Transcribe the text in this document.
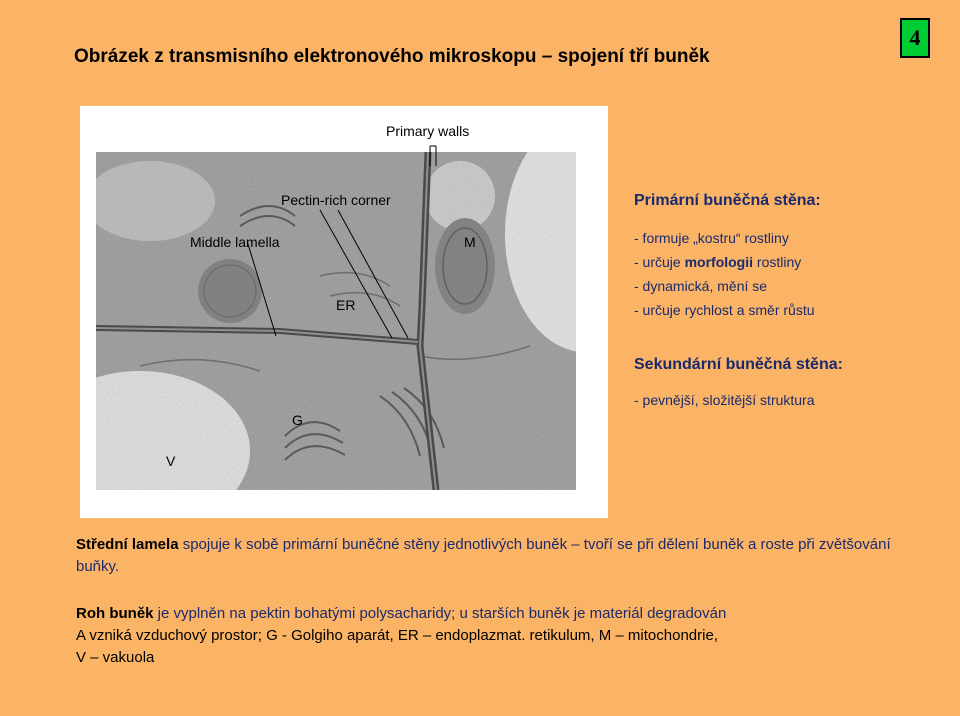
Obrázek z transmisního elektronového mikroskopu – spojení tří buněk
4
Primary walls
Pectin-rich corner
Middle lamella	M
ER
G
V
Primární buněčná stěna:
- formuje „kostru“ rostliny
- určuje morfologii rostliny
- dynamická, mění se
- určuje rychlost a směr růstu
Sekundární buněčná stěna:
- pevnější, složitější struktura
Střední lamela spojuje k sobě primární buněčné stěny jednotlivých buněk – tvoří se při dělení buněk a roste při zvětšování buňky.
Roh buněk je vyplněn na pektin bohatými polysacharidy; u starších buněk je materiál degradován
A vzniká vzduchový prostor; G - Golgiho aparát, ER – endoplazmat. retikulum, M – mitochondrie,
V – vakuola
